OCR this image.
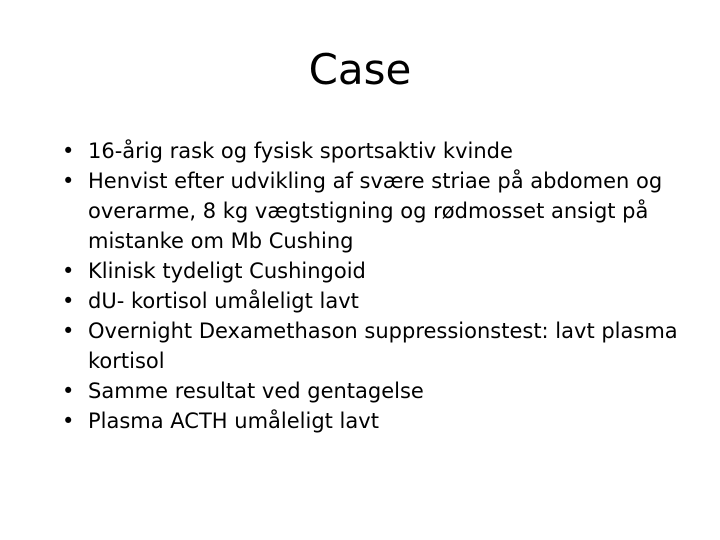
Case
• 16-årig rask og fysisk sportsaktiv kvinde
• Henvist efter udvikling af svære striae på abdomen og overarme, 8 kg vægtstigning og rødmosset ansigt på mistanke om Mb Cushing
• Klinisk tydeligt Cushingoid
• dU- kortisol umåleligt lavt
• Overnight Dexamethason suppressionstest: lavt plasma kortisol
• Samme resultat ved gentagelse
• Plasma ACTH umåleligt lavt
